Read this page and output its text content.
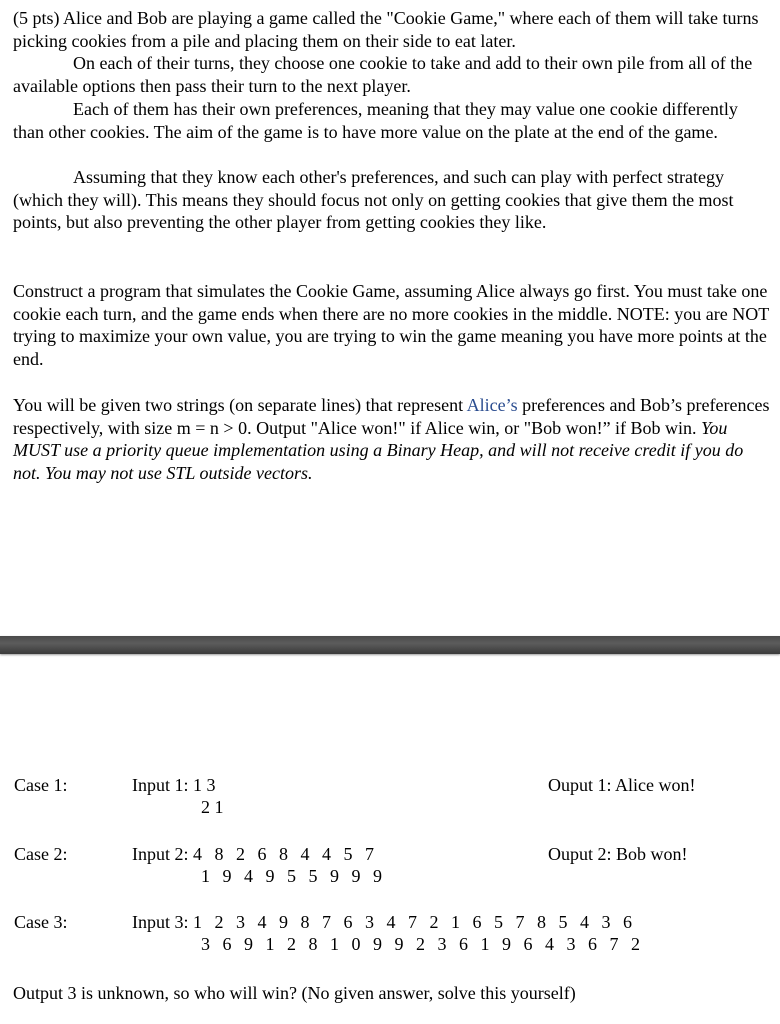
(5 pts) Alice and Bob are playing a game called the "Cookie Game," where each of them will take turns picking cookies from a pile and placing them on their side to eat later.

On each of their turns, they choose one cookie to take and add to their own pile from all of the available options then pass their turn to the next player.

Each of them has their own preferences, meaning that they may value one cookie differently than other cookies. The aim of the game is to have more value on the plate at the end of the game.

Assuming that they know each other's preferences, and such can play with perfect strategy (which they will). This means they should focus not only on getting cookies that give them the most points, but also preventing the other player from getting cookies they like.

Construct a program that simulates the Cookie Game, assuming Alice always go first. You must take one cookie each turn, and the game ends when there are no more cookies in the middle. NOTE: you are NOT trying to maximize your own value, you are trying to win the game meaning you have more points at the end.

You will be given two strings (on separate lines) that represent Alice’s preferences and Bob’s preferences respectively, with size m = n > 0. Output "Alice won!" if Alice win, or "Bob won!” if Bob win. You MUST use a priority queue implementation using a Binary Heap, and will not receive credit if you do not. You may not use STL outside vectors.

Case 1:	Input 1: 1 3
2 1
Ouput 1: Alice won!
Case 2:	Input 2: 4 8 2 6 8 4 4 5 7
1 9 4 9 5 5 9 9 9
Ouput 2: Bob won!
Case 3:	Input 3: 1 2 3 4 9 8 7 6 3 4 7 2 1 6 5 7 8 5 4 3 6
3 6 9 1 2 8 1 0 9 9 2 3 6 1 9 6 4 3 6 7 2
Output 3 is unknown, so who will win? (No given answer, solve this yourself)
